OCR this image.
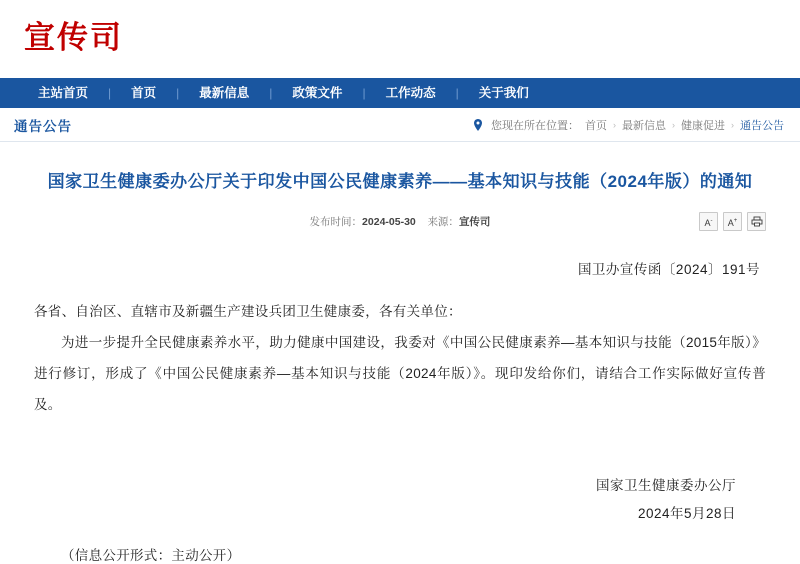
宣传司
主站首页	|	首页	|	最新信息	|	政策文件	|	工作动态	|	关于我们
通告公告	您现在所在位置： 首页 › 最新信息 › 健康促进 › 通告公告
国家卫生健康委办公厅关于印发中国公民健康素养——基本知识与技能（2024年版）的通知
发布时间：2024-05-30 来源：宣传司	A-	A+
国卫办宣传函〔2024〕191号

各省、自治区、直辖市及新疆生产建设兵团卫生健康委，各有关单位：

为进一步提升全民健康素养水平，助力健康中国建设，我委对《中国公民健康素养—基本知识与技能（2015年版）》进行修订，形成了《中国公民健康素养—基本知识与技能（2024年版）》。现印发给你们，请结合工作实际做好宣传普及。

国家卫生健康委办公厅
2024年5月28日
（信息公开形式：主动公开）
